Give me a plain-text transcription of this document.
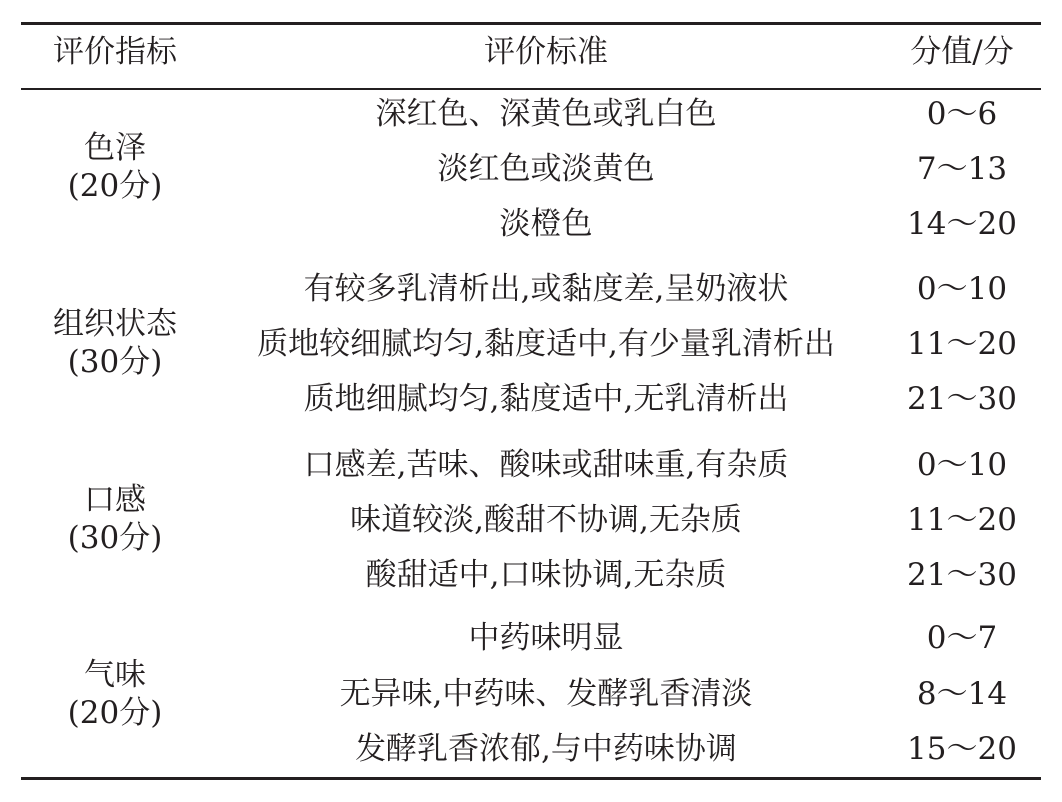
评价指标	评价标准	分值/分
色泽
(20分)
深红色、深黄色或乳白色	0～6
淡红色或淡黄色	7～13
淡橙色	14～20
组织状态
(30分)
有较多乳清析出,或黏度差,呈奶液状	0～10
质地较细腻均匀,黏度适中,有少量乳清析出	11～20
质地细腻均匀,黏度适中,无乳清析出	21～30
口感
(30分)
口感差,苦味、酸味或甜味重,有杂质	0～10
味道较淡,酸甜不协调,无杂质	11～20
酸甜适中,口味协调,无杂质	21～30
气味
(20分)
中药味明显	0～7
无异味,中药味、发酵乳香清淡	8～14
发酵乳香浓郁,与中药味协调	15～20
